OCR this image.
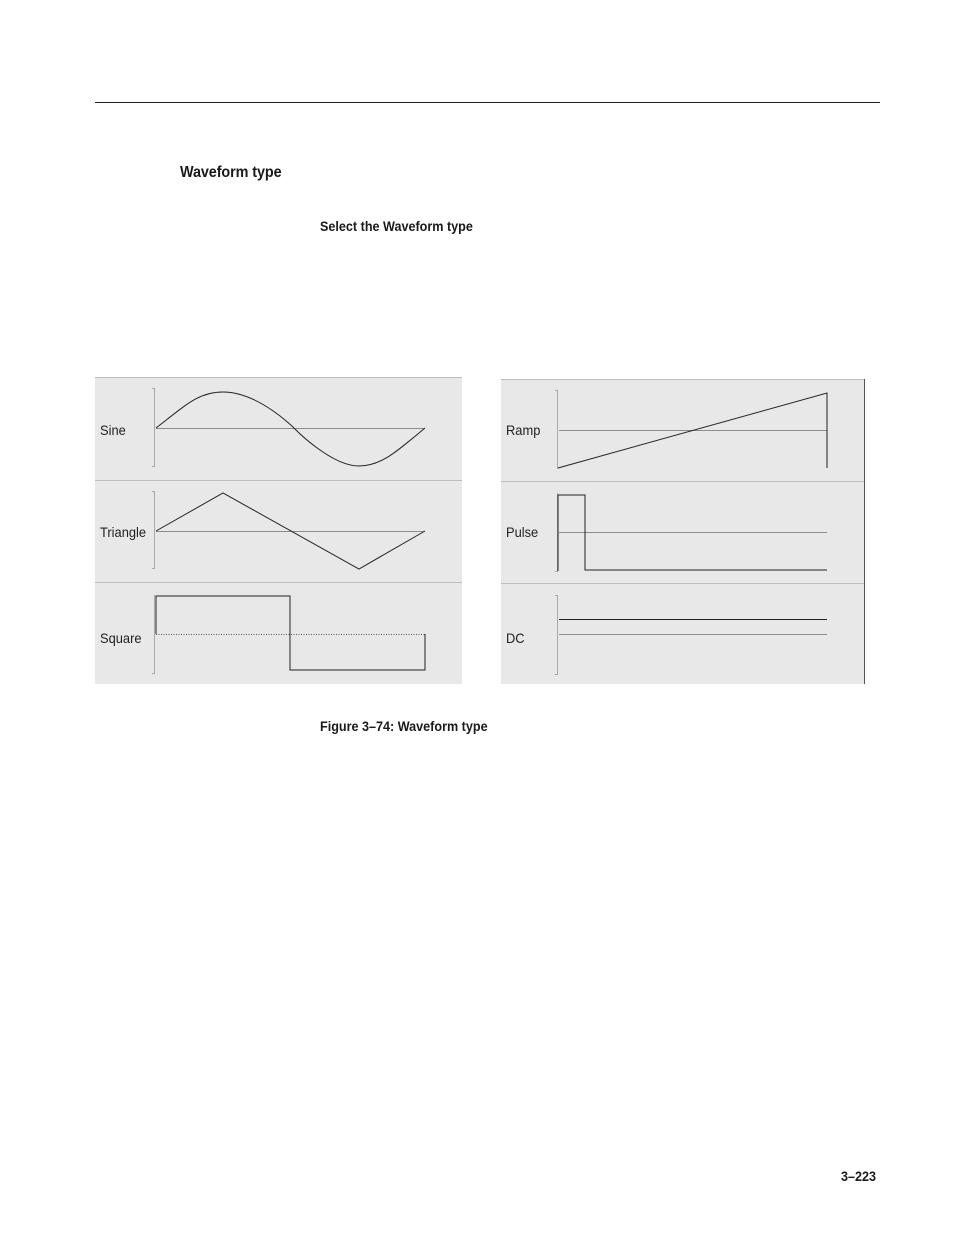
Waveform type

Select the Waveform type

Sine
Triangle
Square
Ramp
Pulse
DC

Figure 3–74: Waveform type

3–223
